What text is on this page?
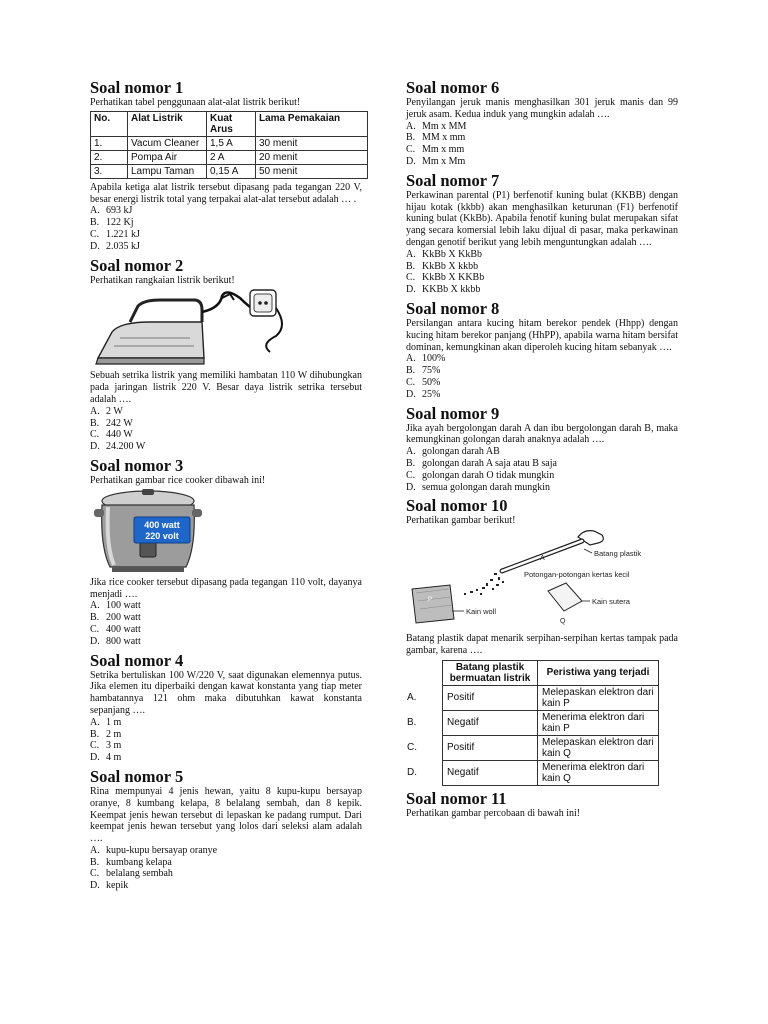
Soal nomor 1

Perhatikan tabel penggunaan alat-alat listrik berikut!

No.	Alat Listrik	Kuat Arus	Lama Pemakaian
1.	Vacum Cleaner	1,5 A	30 menit
2.	Pompa Air	2 A	20 menit
3.	Lampu Taman	0,15 A	50 menit

Apabila ketiga alat listrik tersebut dipasang pada tegangan 220 V, besar energi listrik total yang terpakai alat-alat tersebut adalah … .

A. 693 kJ
B. 122 Kj
C. 1.221 kJ
D. 2.035 kJ
Soal nomor 2

Perhatikan rangkaian listrik berikut!

Sebuah setrika listrik yang memiliki hambatan 110 W dihubungkan pada jaringan listrik 220 V. Besar daya listrik setrika tersebut adalah ….

A. 2 W
B. 242 W
C. 440 W
D. 24.200 W
Soal nomor 3

Perhatikan gambar rice cooker dibawah ini!

400 watt
220 volt

Jika rice cooker tersebut dipasang pada tegangan 110 volt, dayanya menjadi ….

A. 100 watt
B. 200 watt
C. 400 watt
D. 800 watt
Soal nomor 4

Setrika bertuliskan 100 W/220 V, saat digunakan elemennya putus. Jika elemen itu diperbaiki dengan kawat konstanta yang tiap meter hambatannya 121 ohm maka dibutuhkan kawat konstanta sepanjang ….

A. 1 m
B. 2 m
C. 3 m
D. 4 m
Soal nomor 5

Rina mempunyai 4 jenis hewan, yaitu 8 kupu-kupu bersayap oranye, 8 kumbang kelapa, 8 belalang sembah, dan 8 kepik. Keempat jenis hewan tersebut di lepaskan ke padang rumput. Dari keempat jenis hewan tersebut yang lolos dari seleksi alam adalah ….

A. kupu-kupu bersayap oranye
B. kumbang kelapa
C. belalang sembah
D. kepik
Soal nomor 6

Penyilangan jeruk manis menghasilkan 301 jeruk manis dan 99 jeruk asam. Kedua induk yang mungkin adalah ….

A. Mm x MM
B. MM x mm
C. Mm x mm
D. Mm x Mm
Soal nomor 7

Perkawinan parental (P1) berfenotif kuning bulat (KKBB) dengan hijau kotak (kkbb) akan menghasilkan keturunan (F1) berfenotif kuning bulat (KkBb). Apabila fenotif kuning bulat merupakan sifat yang secara komersial lebih laku dijual di pasar, maka perkawinan dengan genotif berikut yang lebih menguntungkan adalah ….

A. KkBb X KkBb
B. KkBb X kkbb
C. KkBb X KKBb
D. KKBb X kkbb
Soal nomor 8

Persilangan antara kucing hitam berekor pendek (Hhpp) dengan kucing hitam berekor panjang (HhPP), apabila warna hitam bersifat dominan, kemungkinan akan diperoleh kucing hitam sebanyak ….

A. 100%
B. 75%
C. 50%
D. 25%
Soal nomor 9

Jika ayah bergolongan darah A dan ibu bergolongan darah B, maka kemungkinan golongan darah anaknya adalah ….

A. golongan darah AB
B. golongan darah A saja atau B saja
C. golongan darah O tidak mungkin
D. semua golongan darah mungkin
Soal nomor 10

Perhatikan gambar berikut!

A
Batang plastik
Potongan-potongan kertas kecil
P
Kain woll
Kain sutera
Q

Batang plastik dapat menarik serpihan-serpihan kertas tampak pada gambar, karena ….

	Batang plastik bermuatan listrik	Peristiwa yang terjadi
A.	Positif	Melepaskan elektron dari kain P
B.	Negatif	Menerima elektron dari kain P
C.	Positif	Melepaskan elektron dari kain Q
D.	Negatif	Menerima elektron dari kain Q
Soal nomor 11

Perhatikan gambar percobaan di bawah ini!
